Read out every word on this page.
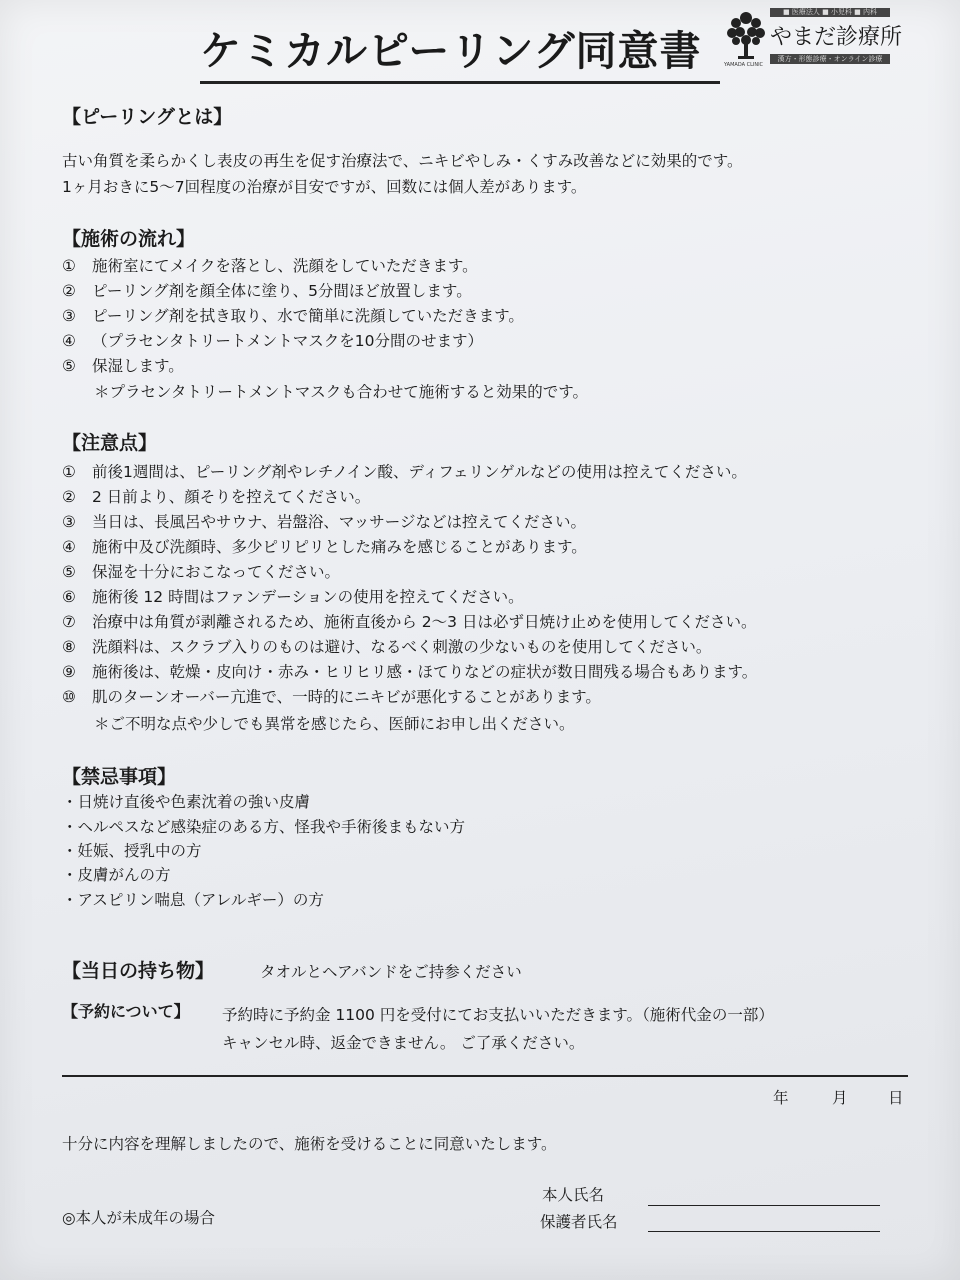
ケミカルピーリング同意書
■ 医療法人 ■ 小児科 ■ 内科
やまだ診療所
漢方・形態診療・オンライン診療
YAMADA CLINIC
【ピーリングとは】
古い角質を柔らかくし表皮の再生を促す治療法で、ニキビやしみ・くすみ改善などに効果的です。
1ヶ月おきに5～7回程度の治療が目安ですが、回数には個人差があります。
【施術の流れ】
① 施術室にてメイクを落とし、洗顔をしていただきます。
② ピーリング剤を顔全体に塗り、5分間ほど放置します。
③ ピーリング剤を拭き取り、水で簡単に洗顔していただきます。
④ （プラセンタトリートメントマスクを10分間のせます）
⑤ 保湿します。
＊プラセンタトリートメントマスクも合わせて施術すると効果的です。
【注意点】
① 前後1週間は、ピーリング剤やレチノイン酸、ディフェリンゲルなどの使用は控えてください。
② 2 日前より、顔そりを控えてください。
③ 当日は、長風呂やサウナ、岩盤浴、マッサージなどは控えてください。
④ 施術中及び洗顔時、多少ピリピリとした痛みを感じることがあります。
⑤ 保湿を十分におこなってください。
⑥ 施術後 12 時間はファンデーションの使用を控えてください。
⑦ 治療中は角質が剥離されるため、施術直後から 2～3 日は必ず日焼け止めを使用してください。
⑧ 洗顔料は、スクラブ入りのものは避け、なるべく刺激の少ないものを使用してください。
⑨ 施術後は、乾燥・皮向け・赤み・ヒリヒリ感・ほてりなどの症状が数日間残る場合もあります。
⑩ 肌のターンオーバー亢進で、一時的にニキビが悪化することがあります。
＊ご不明な点や少しでも異常を感じたら、医師にお申し出ください。
【禁忌事項】
・日焼け直後や色素沈着の強い皮膚
・ヘルペスなど感染症のある方、怪我や手術後まもない方
・妊娠、授乳中の方
・皮膚がんの方
・アスピリン喘息（アレルギー）の方
【当日の持ち物】	タオルとヘアバンドをご持参ください
【予約について】 予約時に予約金 1100 円を受付にてお支払いいただきます。（施術代金の一部）
キャンセル時、返金できません。 ご了承ください。
年	月	日
十分に内容を理解しましたので、施術を受けることに同意いたします。
本人氏名
◎本人が未成年の場合	保護者氏名
